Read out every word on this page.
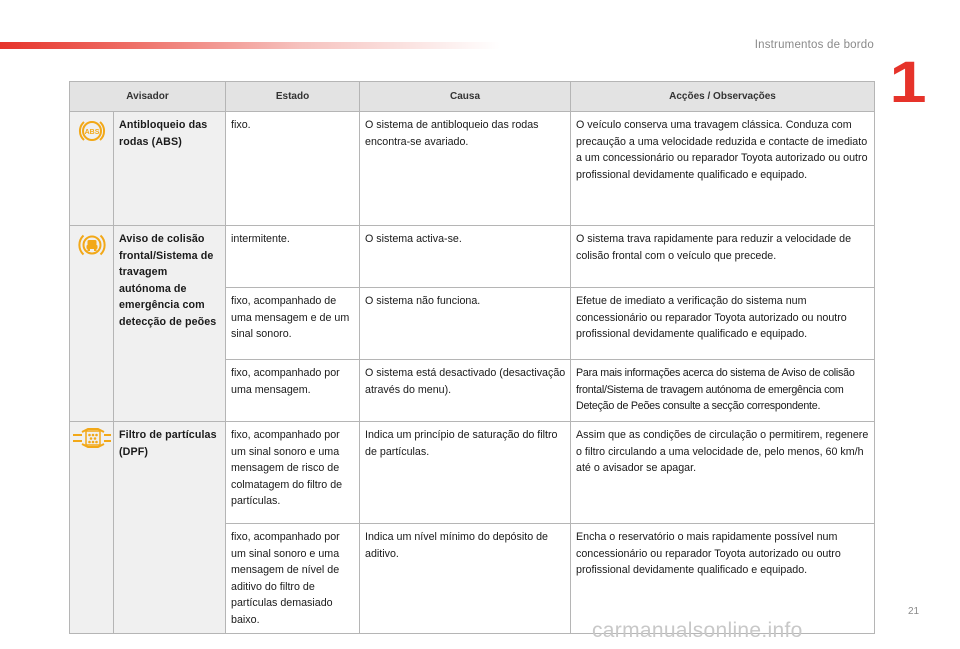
Instrumentos de bordo
1
Avisador		Estado	Causa	Acções / Observações

ABS	Antibloqueio das rodas (ABS)	fixo.	O sistema de antibloqueio das rodas encontra-se avariado.	O veículo conserva uma travagem clássica. Conduza com precaução a uma velocidade reduzida e contacte de imediato a um concessionário ou reparador Toyota autorizado ou outro profissional devidamente qualificado e equipado.

	Aviso de colisão frontal/Sistema de travagem autónoma de emergência com detecção de peões	intermitente.	O sistema activa-se.	O sistema trava rapidamente para reduzir a velocidade de colisão frontal com o veículo que precede.
		fixo, acompanhado de uma mensagem e de um sinal sonoro.	O sistema não funciona.	Efetue de imediato a verificação do sistema num concessionário ou reparador Toyota autorizado ou noutro profissional devidamente qualificado e equipado.
		fixo, acompanhado por uma mensagem.	O sistema está desactivado (desactivação através do menu).	Para mais informações acerca do sistema de Aviso de colisão frontal/Sistema de travagem autónoma de emergência com Deteção de Peões consulte a secção correspondente.

	Filtro de partículas (DPF)	fixo, acompanhado por um sinal sonoro e uma mensagem de risco de colmatagem do filtro de partículas.	Indica um princípio de saturação do filtro de partículas.	Assim que as condições de circulação o permitirem, regenere o filtro circulando a uma velocidade de, pelo menos, 60 km/h até o avisador se apagar.
		fixo, acompanhado por um sinal sonoro e uma mensagem de nível de aditivo do filtro de partículas demasiado baixo.	Indica um nível mínimo do depósito de aditivo.	Encha o reservatório o mais rapidamente possível num concessionário ou reparador Toyota autorizado ou outro profissional devidamente qualificado e equipado.
21
carmanualsonline.info
